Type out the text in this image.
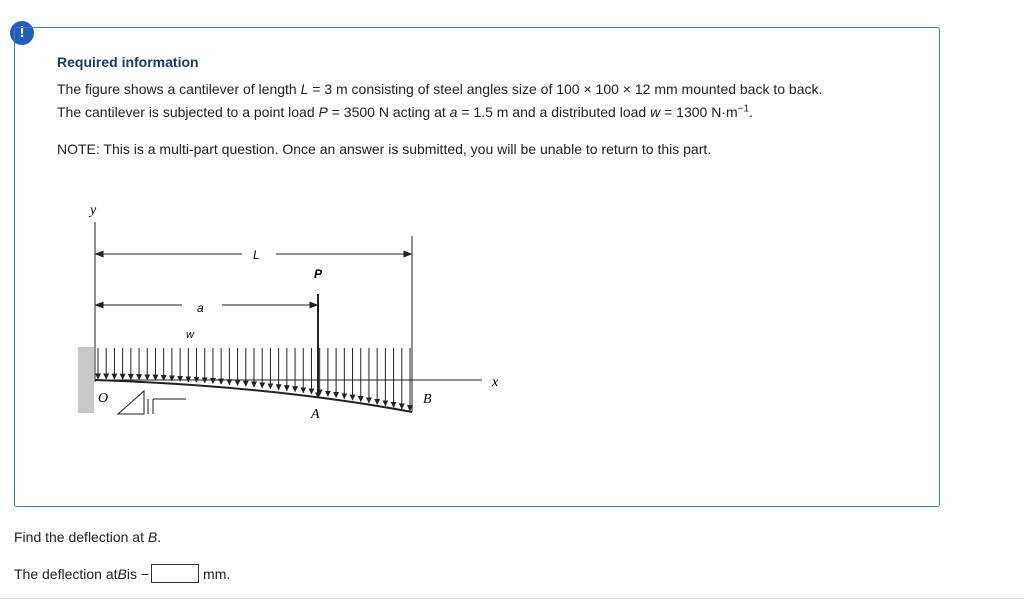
!
Required information
The figure shows a cantilever of length L = 3 m consisting of steel angles size of 100 × 100 × 12 mm mounted back to back.
The cantilever is subjected to a point load P = 3500 N acting at a = 1.5 m and a distributed load w = 1300 $N\cdot m^{-1}$.
NOTE: This is a multi-part question. Once an answer is submitted, you will be unable to return to this part.
y
L
a
P
w
x
O
A
B
Find the deflection at B.
The deflection at B is −	mm.
